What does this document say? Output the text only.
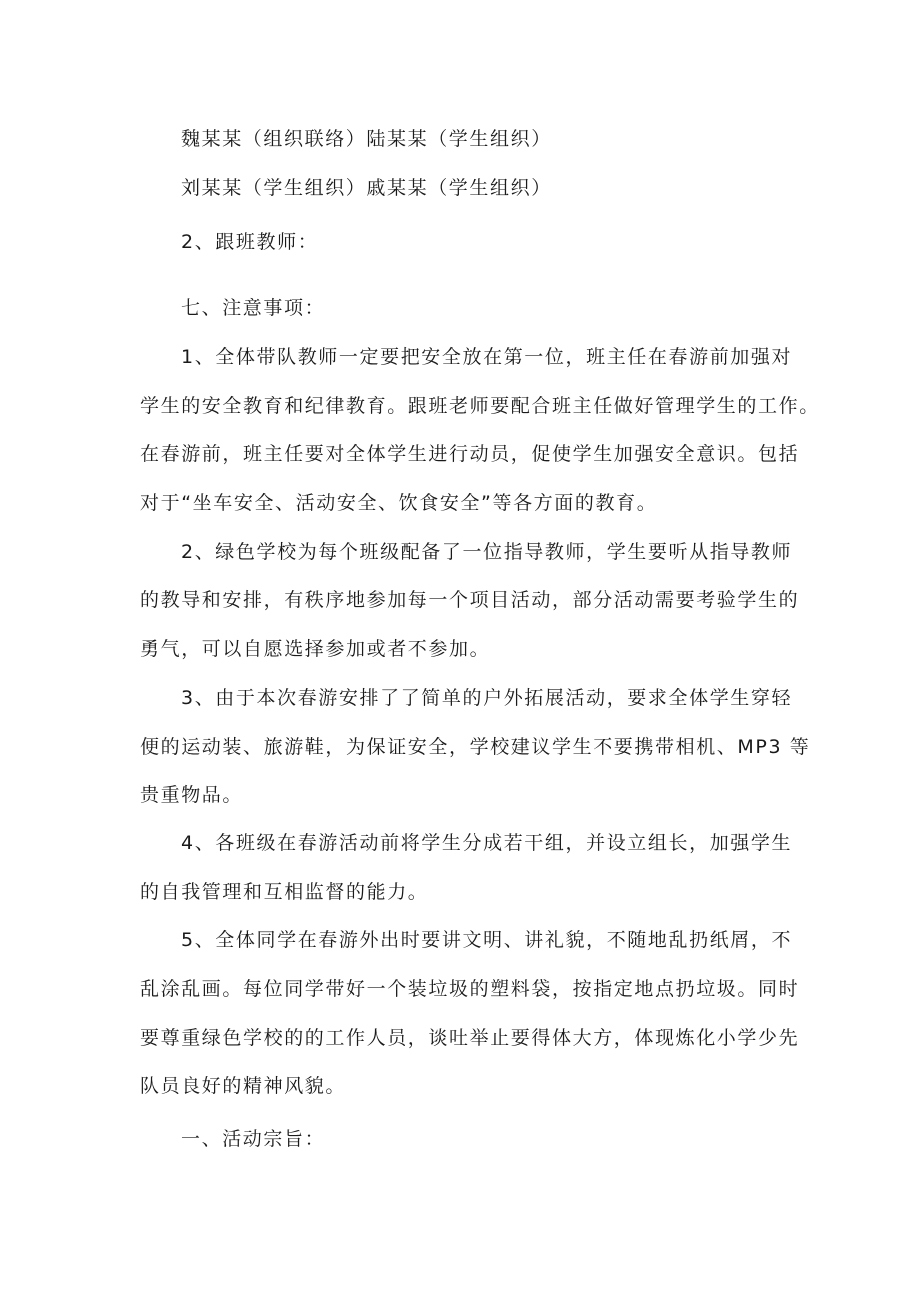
魏某某（组织联络）陆某某（学生组织）
刘某某（学生组织）戚某某（学生组织）
2、跟班教师：
七、注意事项：
1、全体带队教师一定要把安全放在第一位，班主任在春游前加强对
学生的安全教育和纪律教育。跟班老师要配合班主任做好管理学生的工作。
在春游前，班主任要对全体学生进行动员，促使学生加强安全意识。包括
对于“坐车安全、活动安全、饮食安全”等各方面的教育。
2、绿色学校为每个班级配备了一位指导教师，学生要听从指导教师
的教导和安排，有秩序地参加每一个项目活动，部分活动需要考验学生的
勇气，可以自愿选择参加或者不参加。
3、由于本次春游安排了了简单的户外拓展活动，要求全体学生穿轻
便的运动装、旅游鞋，为保证安全，学校建议学生不要携带相机、MP3 等
贵重物品。
4、各班级在春游活动前将学生分成若干组，并设立组长，加强学生
的自我管理和互相监督的能力。
5、全体同学在春游外出时要讲文明、讲礼貌，不随地乱扔纸屑，不
乱涂乱画。每位同学带好一个装垃圾的塑料袋，按指定地点扔垃圾。同时
要尊重绿色学校的的工作人员，谈吐举止要得体大方，体现炼化小学少先
队员良好的精神风貌。
一、活动宗旨：
